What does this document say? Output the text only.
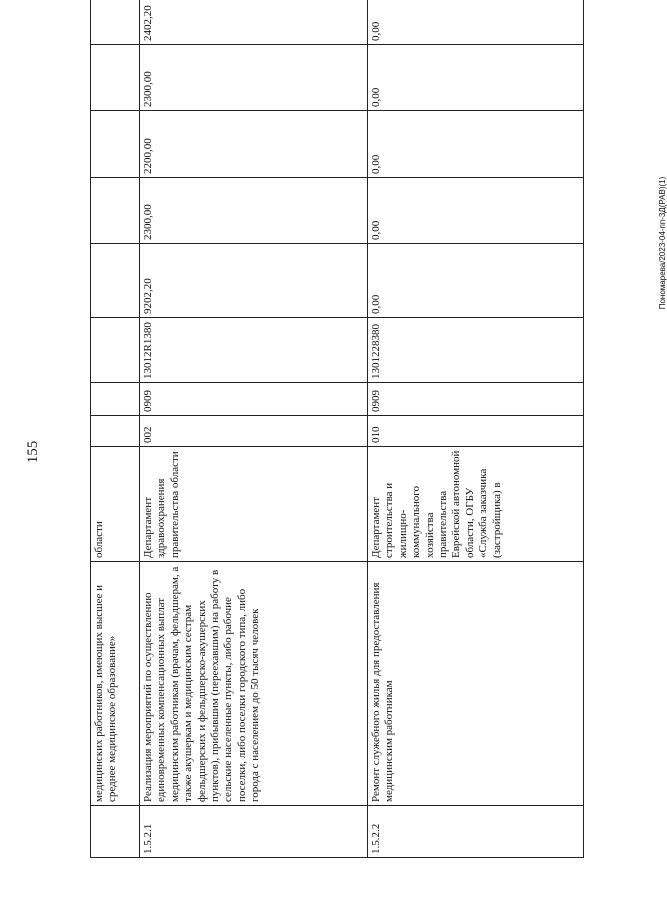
155
Пономарева/2023-04-пп-3Д(РАВ)(1)
	медицинских работников, имеющих высшее и среднее медицинское образование»	области								
1.5.2.1	Реализация мероприятий по осуществлению единовременных компенсационных выплат медицинским работникам (врачам, фельдшерам, а также акушеркам и медицинским сестрам фельдшерских и фельдшерско-акушерских пунктов), прибывшим (переехавшим) на работу в сельские населенные пункты, либо рабочие поселки, либо поселки городского типа, либо города с населением до 50 тысяч человек	Департамент здравоохранения правительства области	002	0909	13012R1380	9202,20	2300,00	2200,00	2300,00	2402,20
1.5.2.2	Ремонт служебного жилья для предоставления медицинским работникам	Департамент строительства и жилищно-коммунального хозяйства правительства Еврейской автономной области, ОГБУ «Служба заказчика (застройщика) в	010	0909	1301228380	0,00	0,00	0,00	0,00	0,00
